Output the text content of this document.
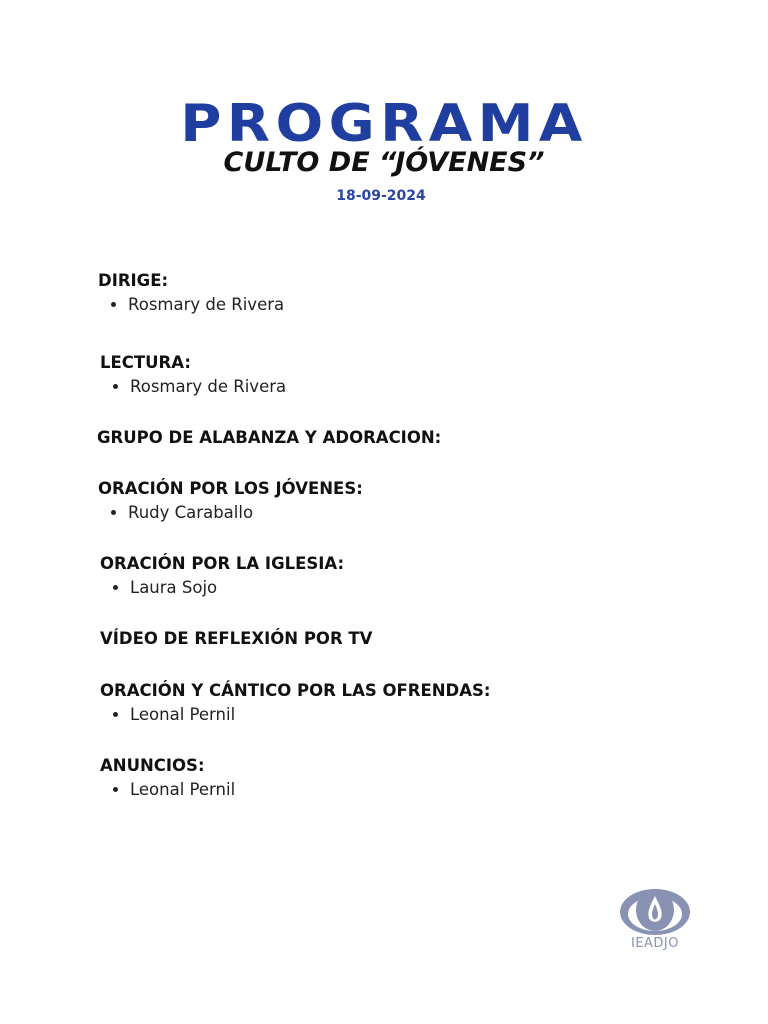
PROGRAMA
CULTO DE “JÓVENES”
18-09-2024
DIRIGE:
• Rosmary de Rivera
LECTURA:
• Rosmary de Rivera
GRUPO DE ALABANZA Y ADORACION:
ORACIÓN POR LOS JÓVENES:
• Rudy Caraballo
ORACIÓN POR LA IGLESIA:
• Laura Sojo
VÍDEO DE REFLEXIÓN POR TV
ORACIÓN Y CÁNTICO POR LAS OFRENDAS:
• Leonal Pernil
ANUNCIOS:
• Leonal Pernil
IEADJO
